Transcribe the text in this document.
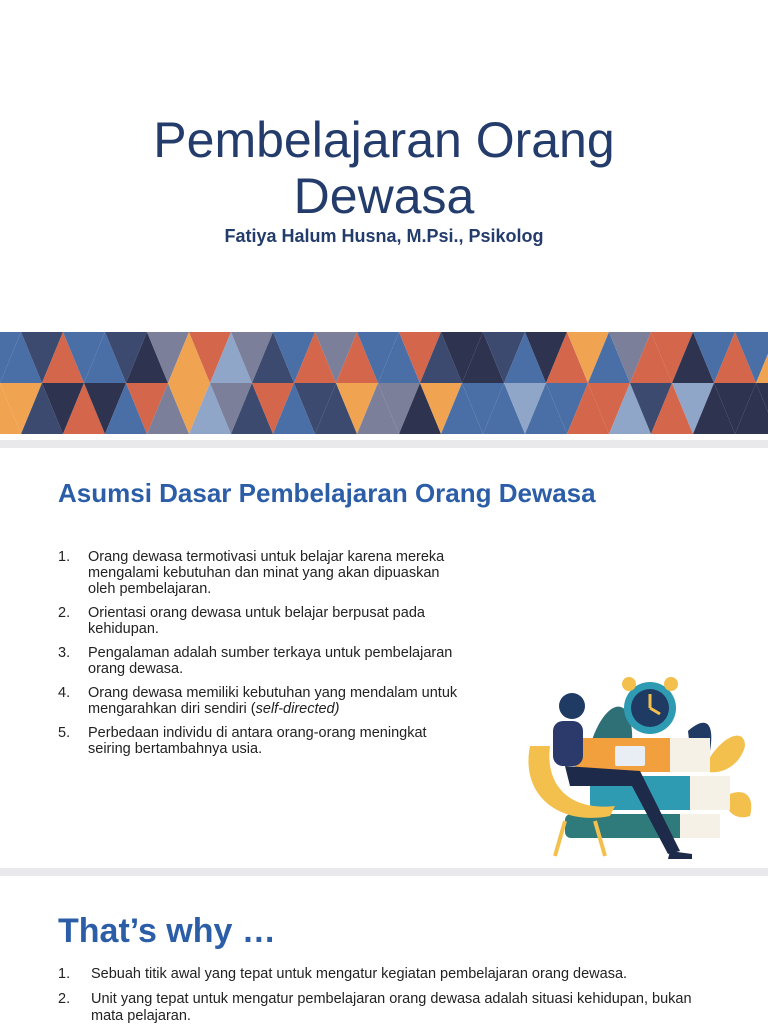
Pembelajaran Orang
Dewasa

Fatiya Halum Husna, M.Psi., Psikolog

Asumsi Dasar Pembelajaran Orang Dewasa
1. Orang dewasa termotivasi untuk belajar karena mereka
mengalami kebutuhan dan minat yang akan dipuaskan
oleh pembelajaran.
2. Orientasi orang dewasa untuk belajar berpusat pada
kehidupan.
3. Pengalaman adalah sumber terkaya untuk pembelajaran
orang dewasa.
4. Orang dewasa memiliki kebutuhan yang mendalam untuk
mengarahkan diri sendiri (self-directed)
5. Perbedaan individu di antara orang-orang meningkat
seiring bertambahnya usia.
That’s why …
1. Sebuah titik awal yang tepat untuk mengatur kegiatan pembelajaran orang dewasa.
2. Unit yang tepat untuk mengatur pembelajaran orang dewasa adalah situasi kehidupan, bukan mata pelajaran.
